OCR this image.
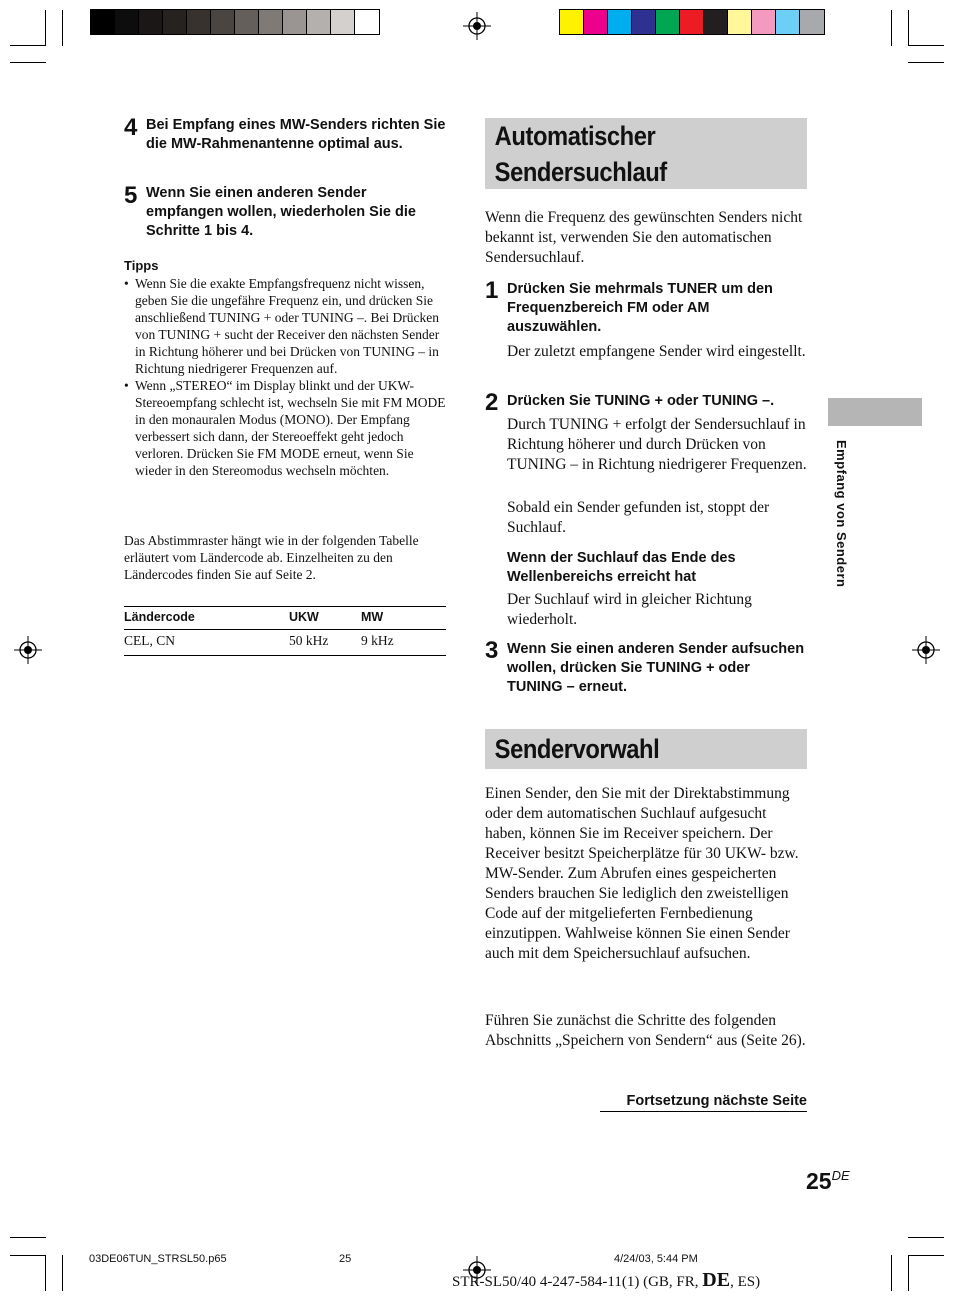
4 Bei Empfang eines MW-Senders richten Sie die MW-Rahmenantenne optimal aus.
5 Wenn Sie einen anderen Sender empfangen wollen, wiederholen Sie die Schritte 1 bis 4.
Tipps
• Wenn Sie die exakte Empfangsfrequenz nicht wissen, geben Sie die ungefähre Frequenz ein, und drücken Sie anschließend TUNING + oder TUNING –. Bei Drücken von TUNING + sucht der Receiver den nächsten Sender in Richtung höherer und bei Drücken von TUNING – in Richtung niedrigerer Frequenzen auf.
• Wenn „STEREO“ im Display blinkt und der UKW-Stereoempfang schlecht ist, wechseln Sie mit FM MODE in den monauralen Modus (MONO). Der Empfang verbessert sich dann, der Stereoeffekt geht jedoch verloren. Drücken Sie FM MODE erneut, wenn Sie wieder in den Stereomodus wechseln möchten.
Das Abstimmraster hängt wie in der folgenden Tabelle erläutert vom Ländercode ab. Einzelheiten zu den Ländercodes finden Sie auf Seite 2.
Ländercode	UKW	MW
CEL, CN	50 kHz	9 kHz
Automatischer
Sendersuchlauf
Wenn die Frequenz des gewünschten Senders nicht bekannt ist, verwenden Sie den automatischen Sendersuchlauf.
1 Drücken Sie mehrmals TUNER um den Frequenzbereich FM oder AM auszuwählen.
Der zuletzt empfangene Sender wird eingestellt.
2 Drücken Sie TUNING + oder TUNING –.
Durch TUNING + erfolgt der Sendersuchlauf in Richtung höherer und durch Drücken von TUNING – in Richtung niedrigerer Frequenzen.
Sobald ein Sender gefunden ist, stoppt der Suchlauf.
Wenn der Suchlauf das Ende des Wellenbereichs erreicht hat
Der Suchlauf wird in gleicher Richtung wiederholt.
3 Wenn Sie einen anderen Sender aufsuchen wollen, drücken Sie TUNING + oder TUNING – erneut.
Sendervorwahl
Einen Sender, den Sie mit der Direktabstimmung oder dem automatischen Suchlauf aufgesucht haben, können Sie im Receiver speichern. Der Receiver besitzt Speicherplätze für 30 UKW- bzw. MW-Sender. Zum Abrufen eines gespeicherten Senders brauchen Sie lediglich den zweistelligen Code auf der mitgelieferten Fernbedienung einzutippen. Wahlweise können Sie einen Sender auch mit dem Speichersuchlauf aufsuchen.
Führen Sie zunächst die Schritte des folgenden Abschnitts „Speichern von Sendern“ aus (Seite 26).
Fortsetzung nächste Seite
Empfang von Sendern
25DE
03DE06TUN_STRSL50.p65	25	4/24/03, 5:44 PM
STR-SL50/40 4-247-584-11(1) (GB, FR, DE, ES)
